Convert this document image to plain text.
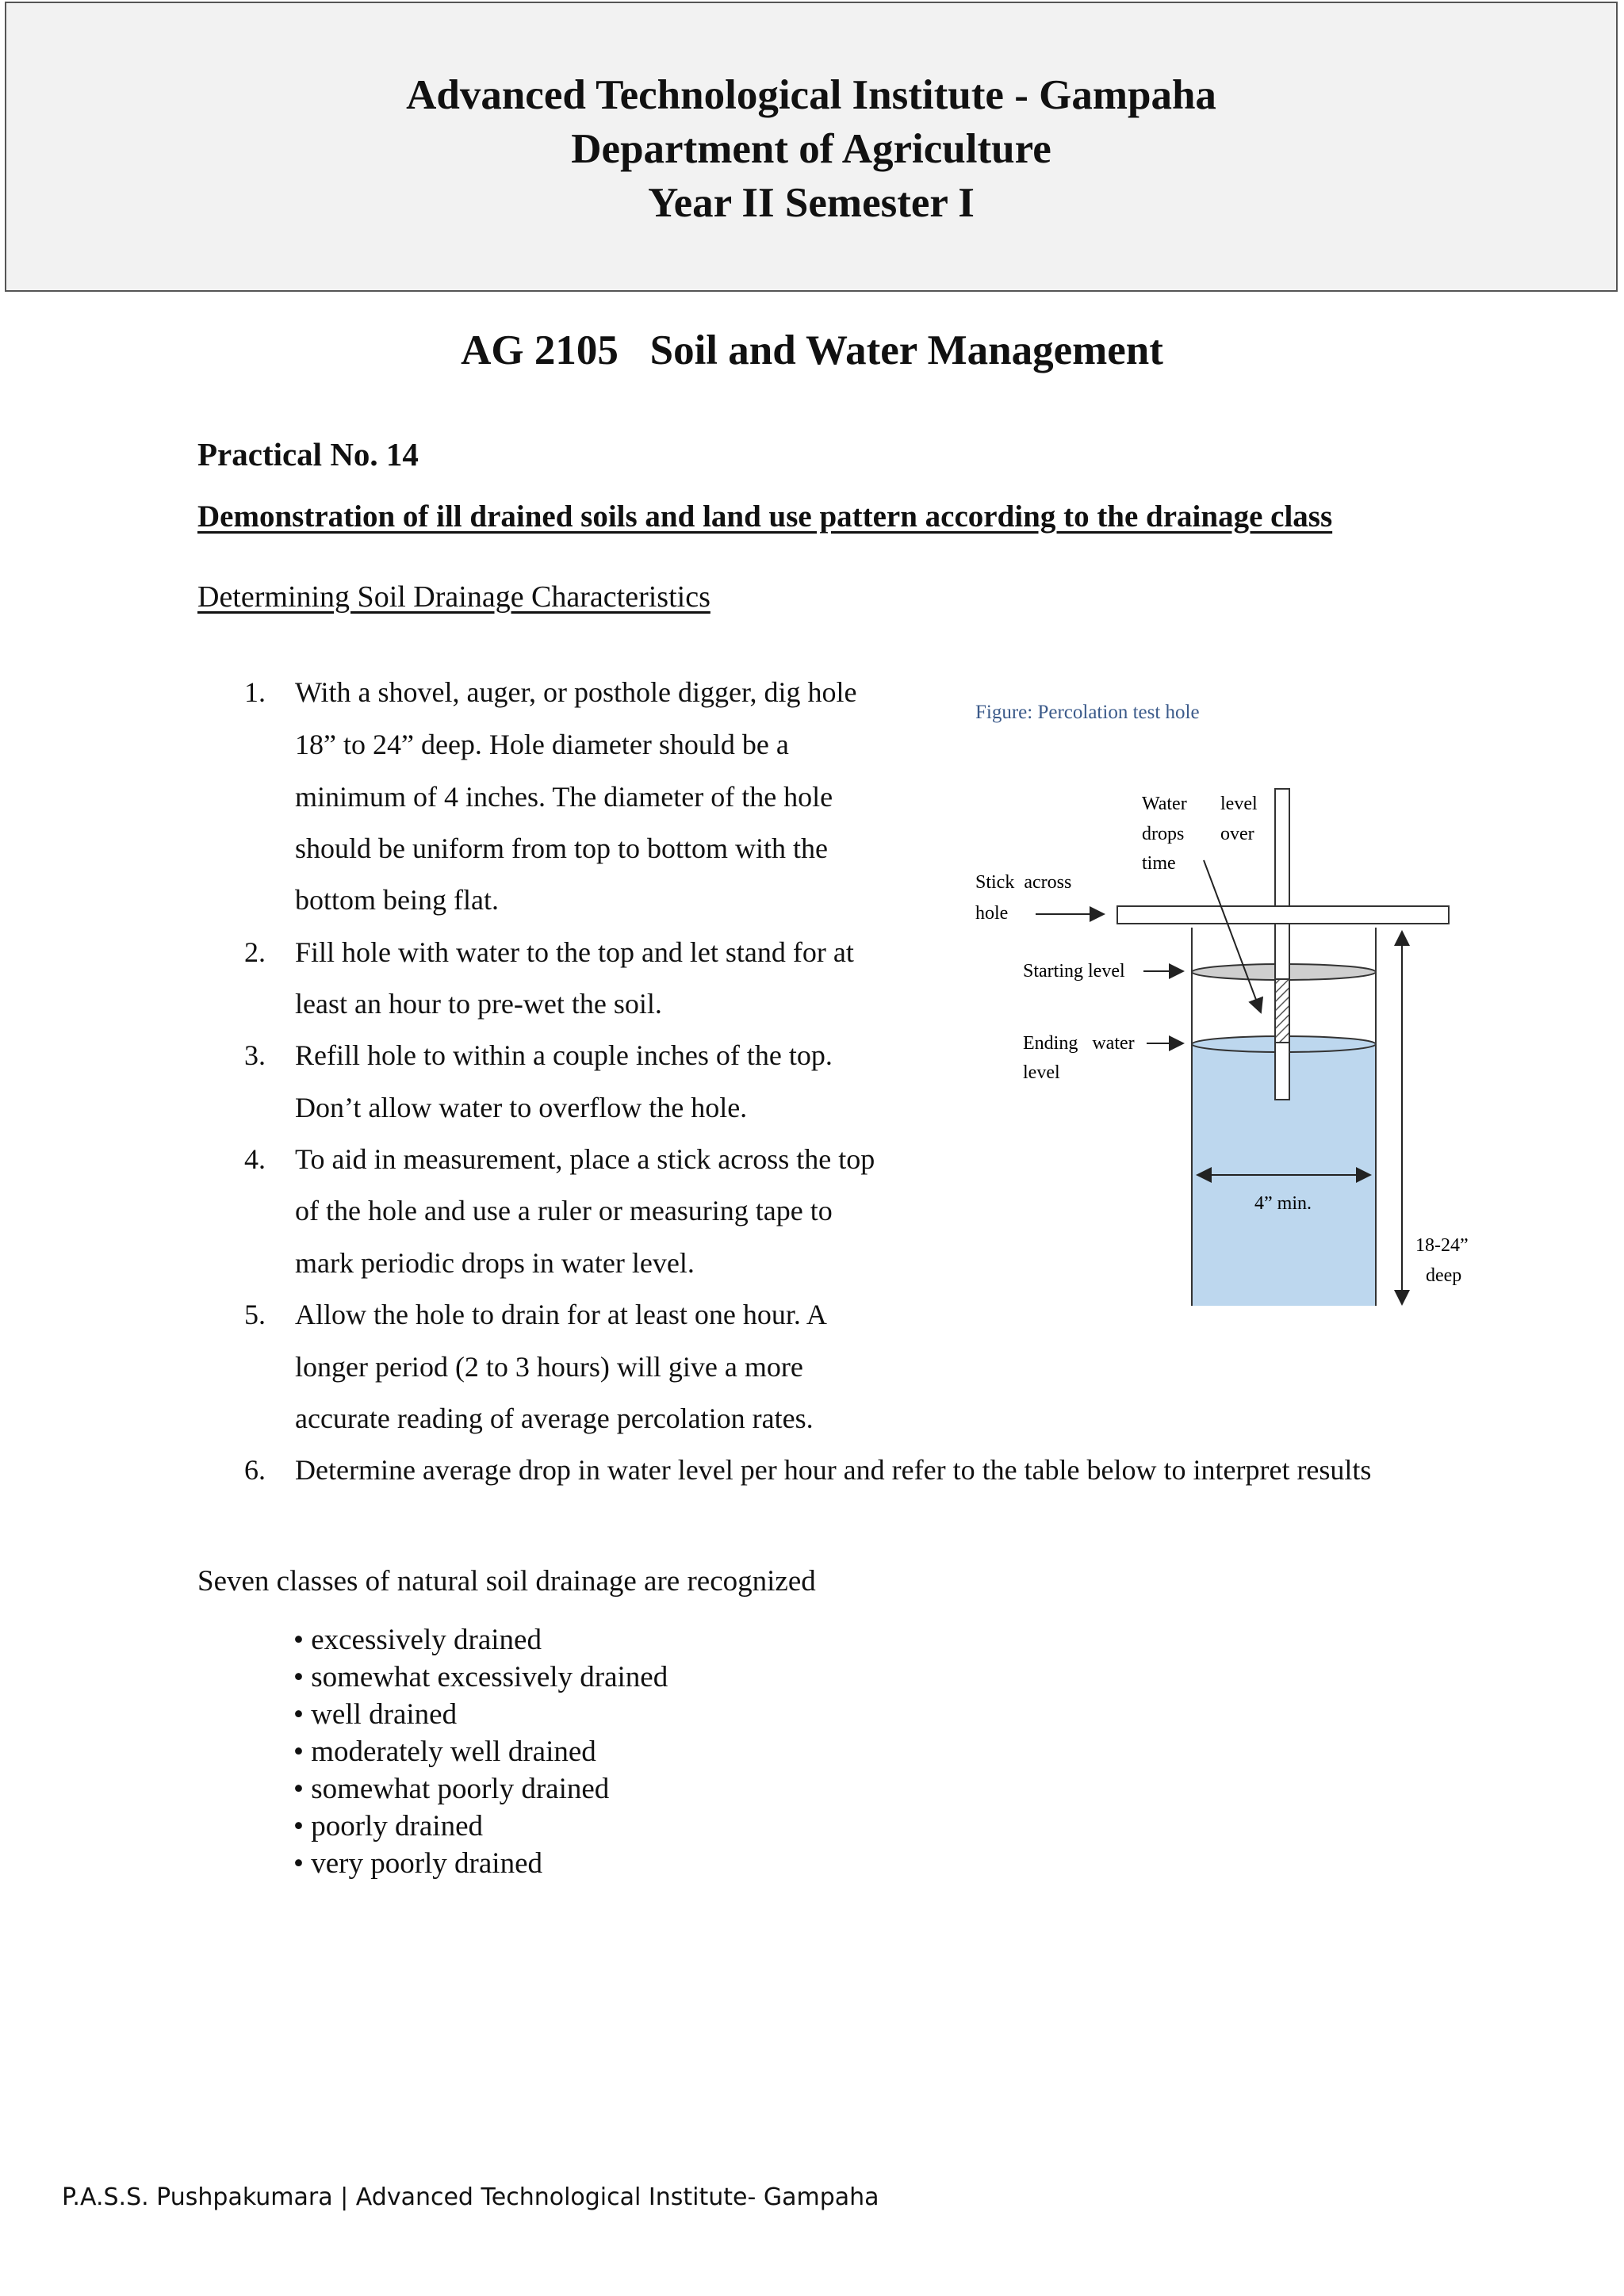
Advanced Technological Institute - Gampaha
Department of Agriculture
Year II Semester I
AG 2105   Soil and Water Management
Practical No. 14
Demonstration of ill drained soils and land use pattern according to the drainage class
Determining Soil Drainage Characteristics
1. With a shovel, auger, or posthole digger, dig hole
18” to 24” deep. Hole diameter should be a
minimum of 4 inches. The diameter of the hole
should be uniform from top to bottom with the
bottom being flat.
2. Fill hole with water to the top and let stand for at
least an hour to pre-wet the soil.
3. Refill hole to within a couple inches of the top.
Don’t allow water to overflow the hole.
4. To aid in measurement, place a stick across the top
of the hole and use a ruler or measuring tape to
mark periodic drops in water level.
5. Allow the hole to drain for at least one hour. A
longer period (2 to 3 hours) will give a more
accurate reading of average percolation rates.
6. Determine average drop in water level per hour and refer to the table below to interpret results
Figure: Percolation test hole
Water level
drops over
time
Stick  across
hole
Starting level
Ending   water
level
4” min.
18-24”
deep
Seven classes of natural soil drainage are recognized
• excessively drained
• somewhat excessively drained
• well drained
• moderately well drained
• somewhat poorly drained
• poorly drained
• very poorly drained
P.A.S.S. Pushpakumara | Advanced Technological Institute- Gampaha
